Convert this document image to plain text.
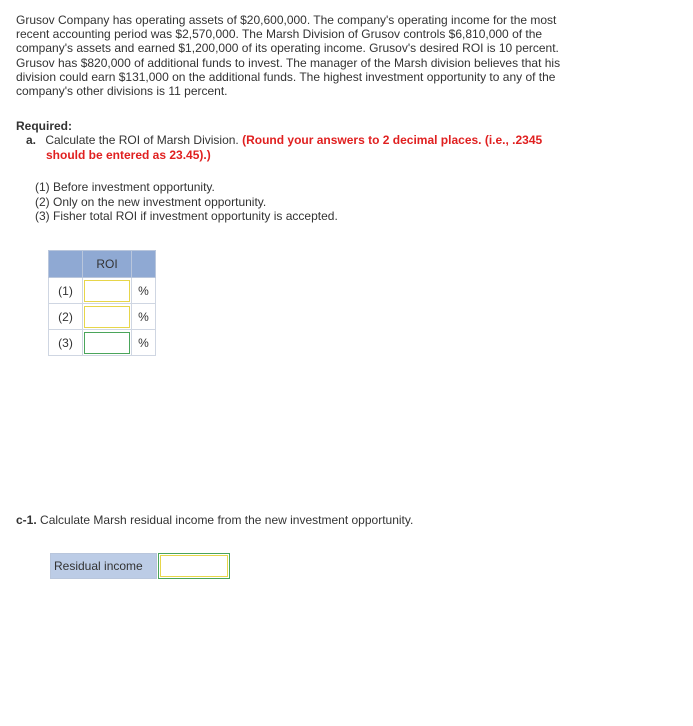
Grusov Company has operating assets of $20,600,000. The company's operating income for the most
recent accounting period was $2,570,000. The Marsh Division of Grusov controls $6,810,000 of the
company's assets and earned $1,200,000 of its operating income. Grusov's desired ROI is 10 percent.
Grusov has $820,000 of additional funds to invest. The manager of the Marsh division believes that his
division could earn $131,000 on the additional funds. The highest investment opportunity to any of the
company's other divisions is 11 percent.
Required:
a. Calculate the ROI of Marsh Division. (Round your answers to 2 decimal places. (i.e., .2345
should be entered as 23.45).)
(1) Before investment opportunity.
(2) Only on the new investment opportunity.
(3) Fisher total ROI if investment opportunity is accepted.
	ROI	
(1)		%
(2)		%
(3)		%
c-1. Calculate Marsh residual income from the new investment opportunity.
Residual income
